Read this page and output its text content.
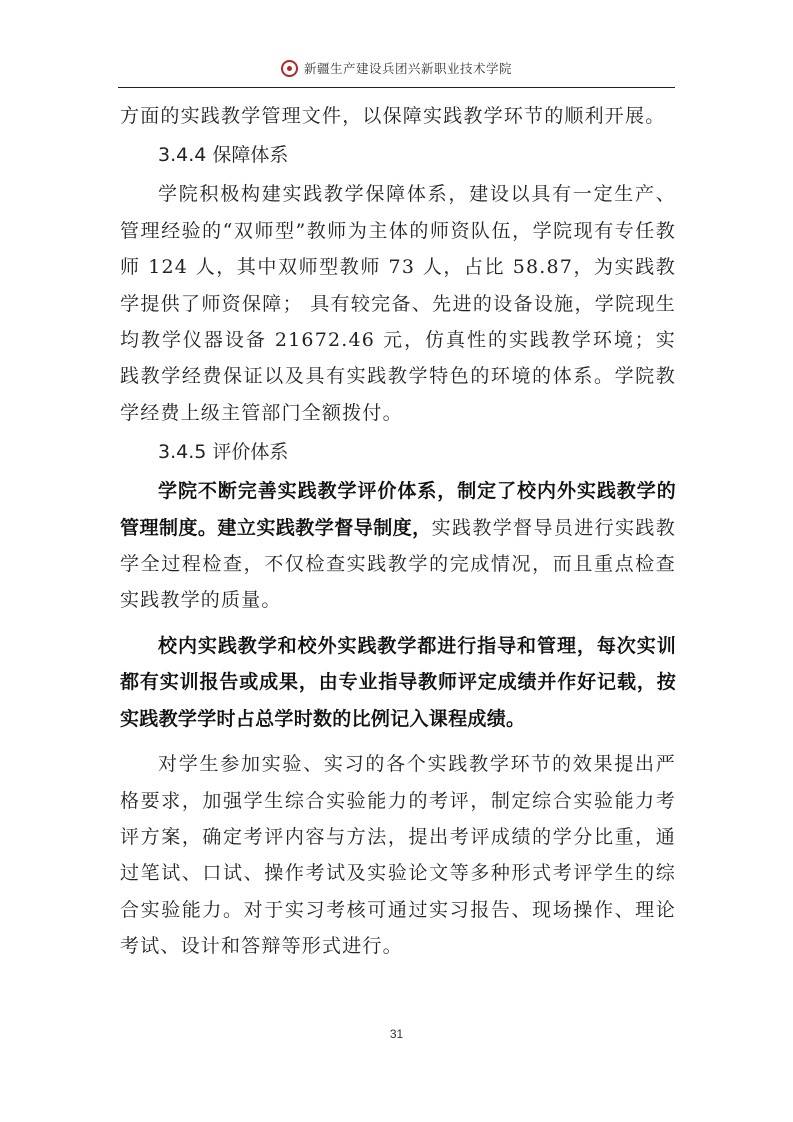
新疆生产建设兵团兴新职业技术学院

方面的实践教学管理文件，以保障实践教学环节的顺利开展。

3.4.4 保障体系

学院积极构建实践教学保障体系，建设以具有一定生产、管理经验的“双师型”教师为主体的师资队伍，学院现有专任教师 124 人，其中双师型教师 73 人，占比 58.87，为实践教学提供了师资保障； 具有较完备、先进的设备设施，学院现生均教学仪器设备 21672.46 元，仿真性的实践教学环境；实践教学经费保证以及具有实践教学特色的环境的体系。学院教学经费上级主管部门全额拨付。

3.4.5 评价体系

学院不断完善实践教学评价体系，制定了校内外实践教学的管理制度。建立实践教学督导制度，实践教学督导员进行实践教学全过程检查，不仅检查实践教学的完成情况，而且重点检查实践教学的质量。

校内实践教学和校外实践教学都进行指导和管理，每次实训都有实训报告或成果，由专业指导教师评定成绩并作好记载，按实践教学学时占总学时数的比例记入课程成绩。

对学生参加实验、实习的各个实践教学环节的效果提出严格要求，加强学生综合实验能力的考评，制定综合实验能力考评方案，确定考评内容与方法，提出考评成绩的学分比重，通过笔试、口试、操作考试及实验论文等多种形式考评学生的综合实验能力。对于实习考核可通过实习报告、现场操作、理论考试、设计和答辩等形式进行。

31
